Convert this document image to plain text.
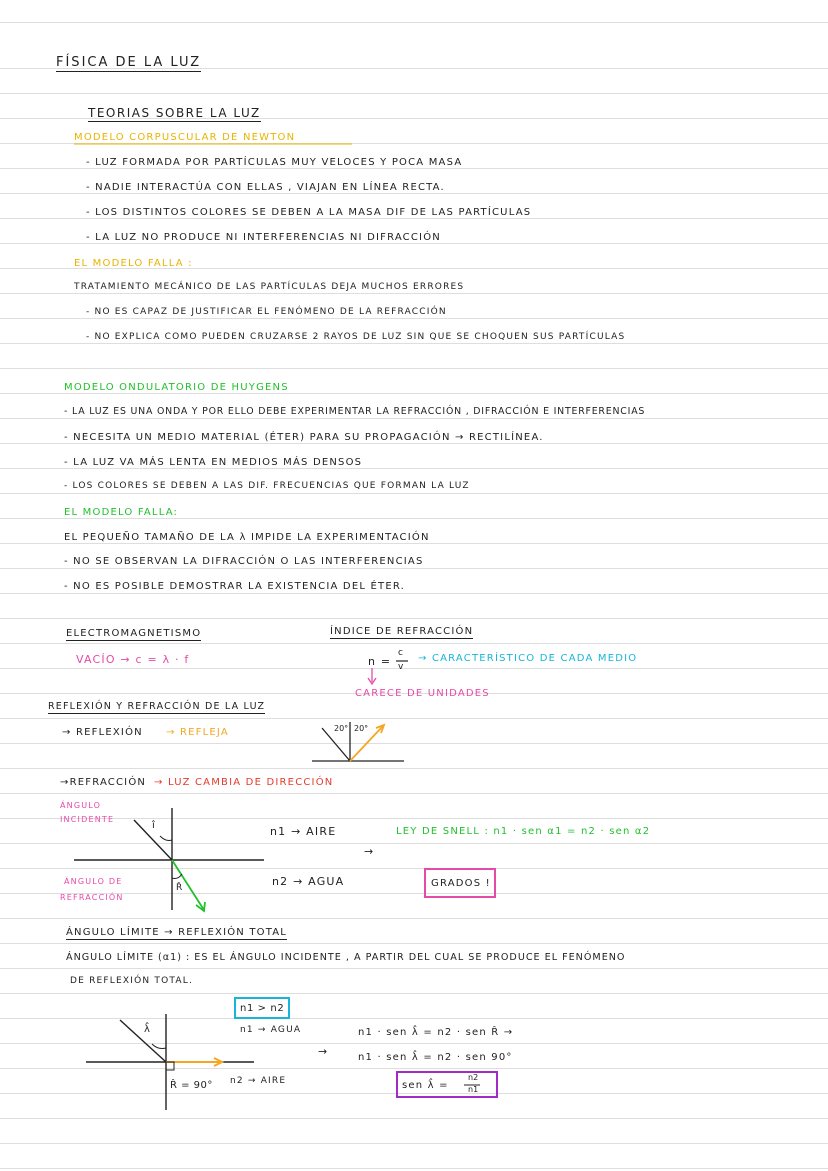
FÍSICA DE LA LUZ
TEORIAS SOBRE LA LUZ
MODELO CORPUSCULAR DE NEWTON
- LUZ FORMADA POR PARTÍCULAS MUY VELOCES Y POCA MASA
- NADIE INTERACTÚA CON ELLAS , VIAJAN EN LÍNEA RECTA.
- LOS DISTINTOS COLORES SE DEBEN A LA MASA DIF DE LAS PARTÍCULAS
- LA LUZ NO PRODUCE NI INTERFERENCIAS NI DIFRACCIÓN
EL MODELO FALLA :
TRATAMIENTO MECÁNICO DE LAS PARTÍCULAS DEJA MUCHOS ERRORES
- NO ES CAPAZ DE JUSTIFICAR EL FENÓMENO DE LA REFRACCIÓN
- NO EXPLICA COMO PUEDEN CRUZARSE 2 RAYOS DE LUZ SIN QUE SE CHOQUEN SUS PARTÍCULAS
MODELO ONDULATORIO DE HUYGENS
- LA LUZ ES UNA ONDA Y POR ELLO DEBE EXPERIMENTAR LA REFRACCIÓN , DIFRACCIÓN E INTERFERENCIAS
- NECESITA UN MEDIO MATERIAL (ÉTER) PARA SU PROPAGACIÓN → RECTILÍNEA.
- LA LUZ VA MÁS LENTA EN MEDIOS MÁS DENSOS
- LOS COLORES SE DEBEN A LAS DIF. FRECUENCIAS QUE FORMAN LA LUZ
EL MODELO FALLA:
EL PEQUEÑO TAMAÑO DE LA λ IMPIDE LA EXPERIMENTACIÓN
- NO SE OBSERVAN LA DIFRACCIÓN O LAS INTERFERENCIAS
- NO ES POSIBLE DEMOSTRAR LA EXISTENCIA DEL ÉTER.
ELECTROMAGNETISMO
VACÍO → c = λ · f
ÍNDICE DE REFRACCIÓN
n =
c
v
→ CARACTERÍSTICO DE CADA MEDIO
CARECE DE UNIDADES
REFLEXIÓN Y REFRACCIÓN DE LA LUZ
→ REFLEXIÓN → REFLEJA	20° 20°
→REFRACCIÓN → LUZ CAMBIA DE DIRECCIÓN
ÁNGULO
INCIDENTE
ÁNGULO DE
REFRACCIÓN
î
R̂
n1 → AIRE
n2 → AGUA
→
LEY DE SNELL : n1 · sen α1 = n2 · sen α2
GRADOS !
ÁNGULO LÍMITE → REFLEXIÓN TOTAL
ÁNGULO LÍMITE (α1) : ES EL ÁNGULO INCIDENTE , A PARTIR DEL CUAL SE PRODUCE EL FENÓMENO
DE REFLEXIÓN TOTAL.
n1 > n2
n1 → AGUA
n2 → AIRE
λ̂
R̂ = 90°
→
n1 · sen λ̂ = n2 · sen R̂ →
n1 · sen λ̂ = n2 · sen 90°
sen λ̂ =
n2
n1
